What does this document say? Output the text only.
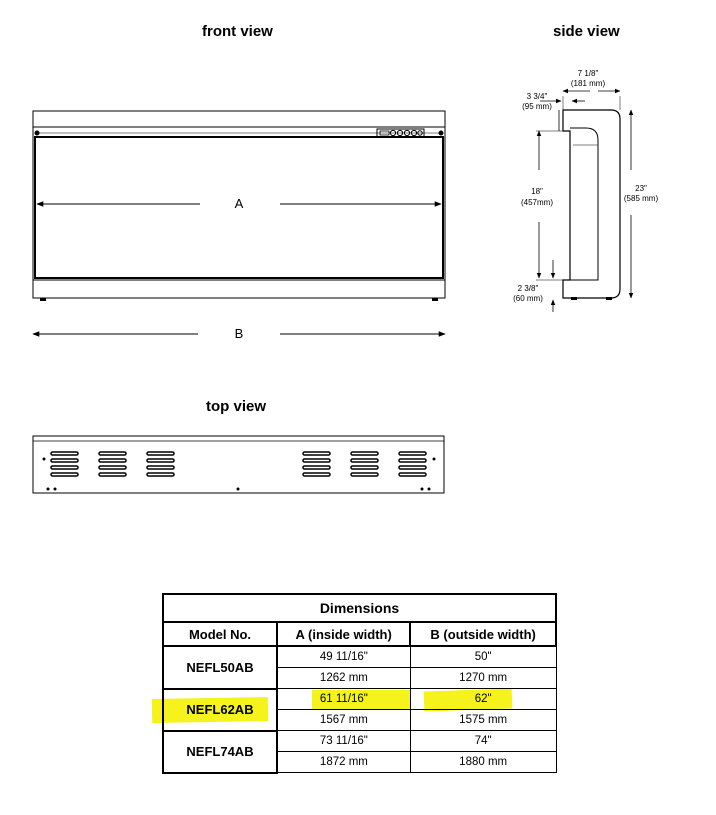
front view	side view
top view
A
B
7 1/8"
(181 mm)
3 3/4"
(95 mm)
18"
(457mm)
23"
(585 mm)
2 3/8"
(60 mm)
Dimensions		
Model No.	A (inside width)	B (outside width)
NEFL50AB	49 11/16"	50"
	1262 mm	1270 mm
NEFL62AB	61 11/16"	62"
	1567 mm	1575 mm
NEFL74AB	73 11/16"	74"
	1872 mm	1880 mm
